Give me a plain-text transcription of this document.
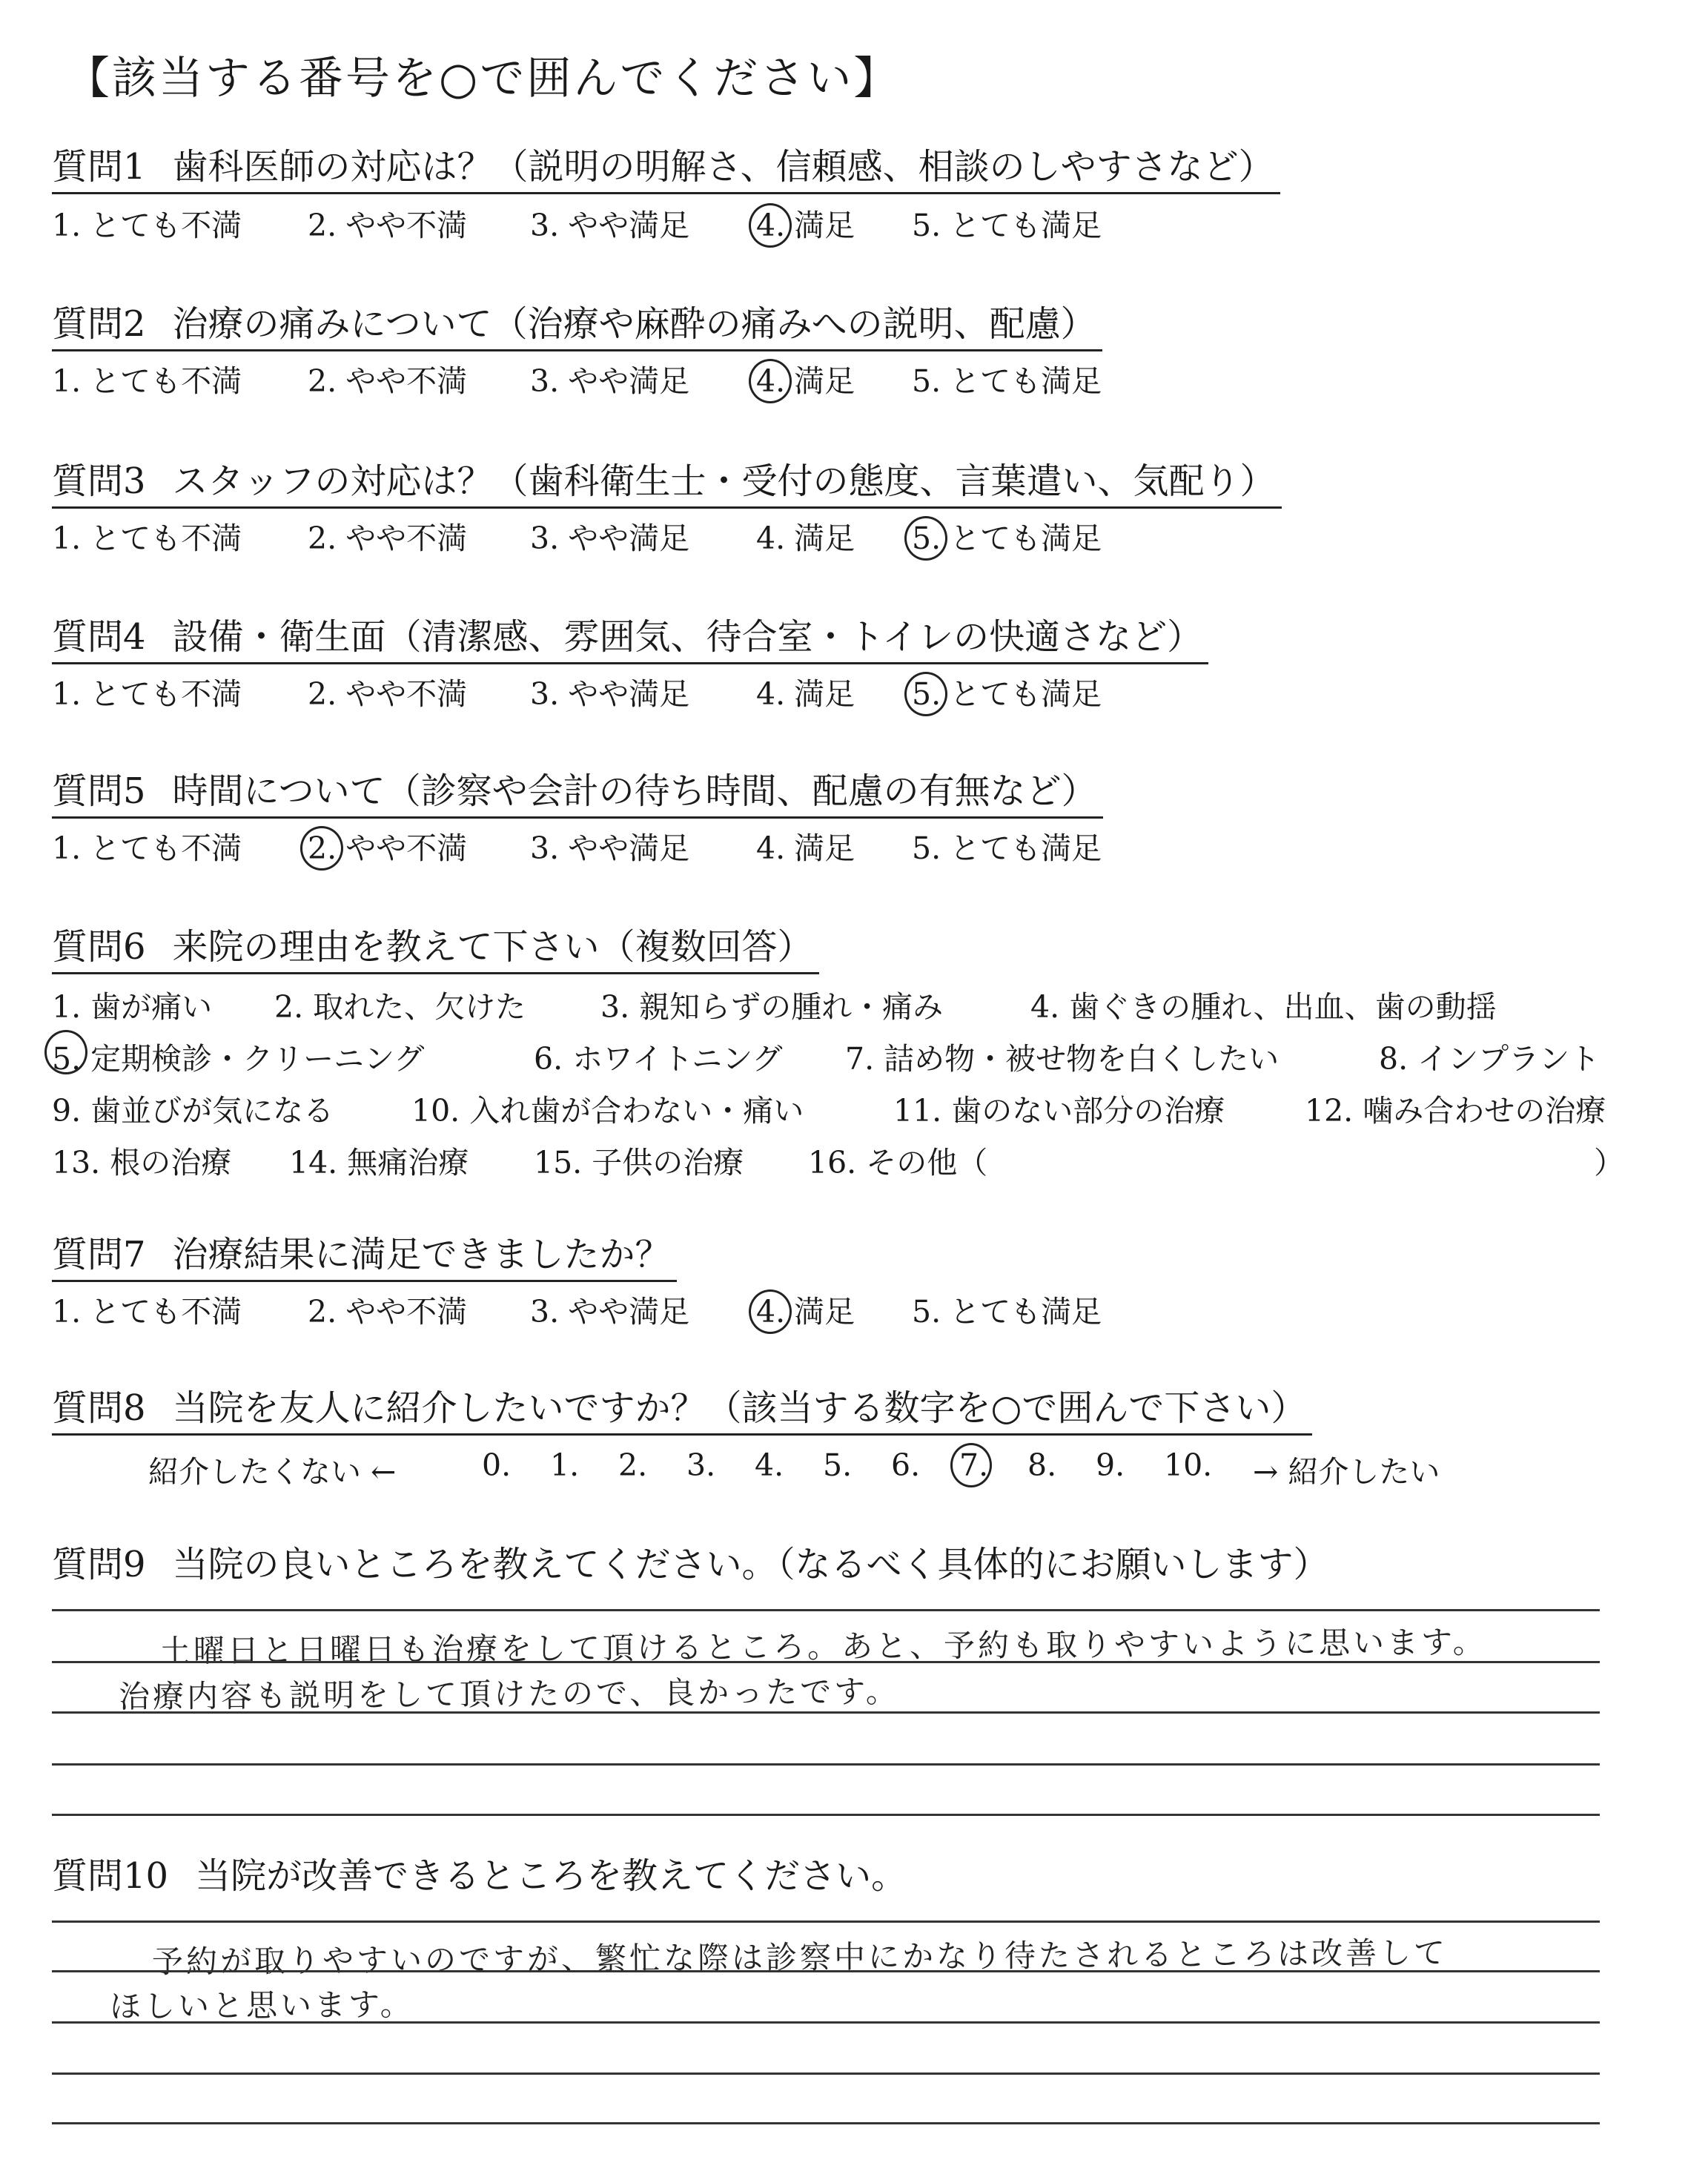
【該当する番号を○で囲んでください】
質問1 歯科医師の対応は？（説明の明解さ、信頼感、相談のしやすさなど）
1. とても不満 2. やや不満 3. やや満足 4. 満足 5. とても満足
質問2 治療の痛みについて（治療や麻酔の痛みへの説明、配慮）
1. とても不満 2. やや不満 3. やや満足 4. 満足 5. とても満足
質問3 スタッフの対応は？（歯科衛生士・受付の態度、言葉遣い、気配り）
1. とても不満 2. やや不満 3. やや満足 4. 満足 5. とても満足
質問4 設備・衛生面（清潔感、雰囲気、待合室・トイレの快適さなど）
1. とても不満 2. やや不満 3. やや満足 4. 満足 5. とても満足
質問5 時間について（診察や会計の待ち時間、配慮の有無など）
1. とても不満 2. やや不満 3. やや満足 4. 満足 5. とても満足
質問6 来院の理由を教えて下さい（複数回答）
1. 歯が痛い 2. 取れた、欠けた 3. 親知らずの腫れ・痛み	4. 歯ぐきの腫れ、出血、歯の動揺
5. 定期検診・クリーニング	6. ホワイトニング 7. 詰め物・被せ物を白くしたい	8. インプラント
9. 歯並びが気になる	10. 入れ歯が合わない・痛い	11. 歯のない部分の治療	12. 噛み合わせの治療
13. 根の治療 14. 無痛治療 15. 子供の治療 16. その他（	）
質問7 治療結果に満足できましたか？
1. とても不満 2. やや不満 3. やや満足 4. 満足 5. とても満足
質問8 当院を友人に紹介したいですか？（該当する数字を○で囲んで下さい）
紹介したくない ←	0. 1. 2. 3. 4. 5. 6. 7. 8. 9. 10. → 紹介したい
質問9 当院の良いところを教えてください。（なるべく具体的にお願いします）
土曜日と日曜日も治療をして頂けるところ。あと、予約も取りやすいように思います。
治療内容も説明をして頂けたので、良かったです。
質問10 当院が改善できるところを教えてください。
予約が取りやすいのですが、繁忙な際は診察中にかなり待たされるところは改善して
ほしいと思います。
